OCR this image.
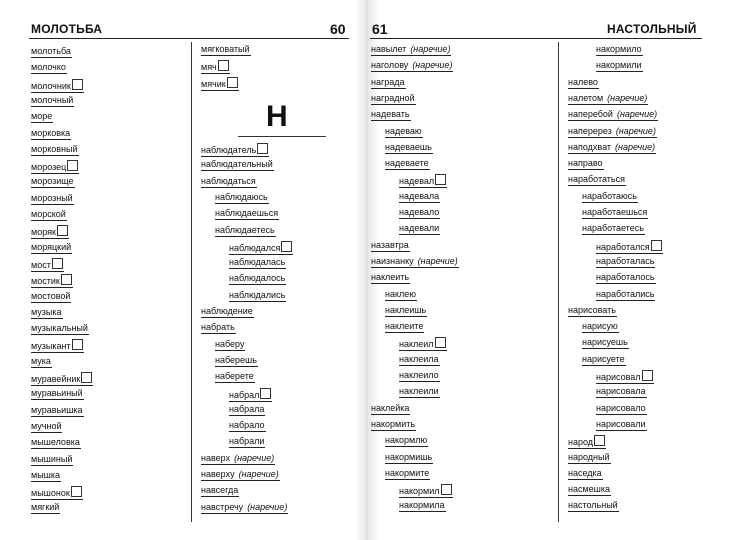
МОЛОТЬБА	60 61	НАСТОЛЬНЫЙ
Н
молотьба
молочко
молочник
молочный
море
морковка
морковный
морозец
морозище
морозный
морской
моряк
моряцкий
мост
мостик
мостовой
музыка
музыкальный
музыкант
мука
муравейник
муравьиный
муравьишка
мучной
мышеловка
мышиный
мышка
мышонок
мягкий
мягковатый
мяч
мячик
наблюдатель
наблюдательный
наблюдаться
наблюдаюсь
наблюдаешься
наблюдаетесь
наблюдалcя
наблюдалась
наблюдалось
наблюдались
наблюдение
набрать
наберу
наберешь
наберете
набрал
набрала
набрало
набрали
наверх (наречие)
наверху (наречие)
навсегда
навстречу (наречие)
навылет (наречие)
наголову (наречие)
награда
наградной
надевать
надеваю
надеваешь
надеваете
надевал
надевала
надевало
надевали
назавтра
наизнанку (наречие)
наклеить
наклею
наклеишь
наклеите
наклеил
наклеила
наклеило
наклеили
наклейка
накормить
накормлю
накормишь
накормите
накормил
накормила
накормило
накормили
налево
налетом (наречие)
наперебой (наречие)
наперерез (наречие)
наподхват (наречие)
направо
наработаться
наработаюсь
наработаешься
наработаетесь
наработалcя
наработалась
наработалось
наработались
нарисовать
нарисую
нарисуешь
нарисуете
нарисовал
нарисовала
нарисовало
нарисовали
народ
народный
наседка
насмешка
настольный
